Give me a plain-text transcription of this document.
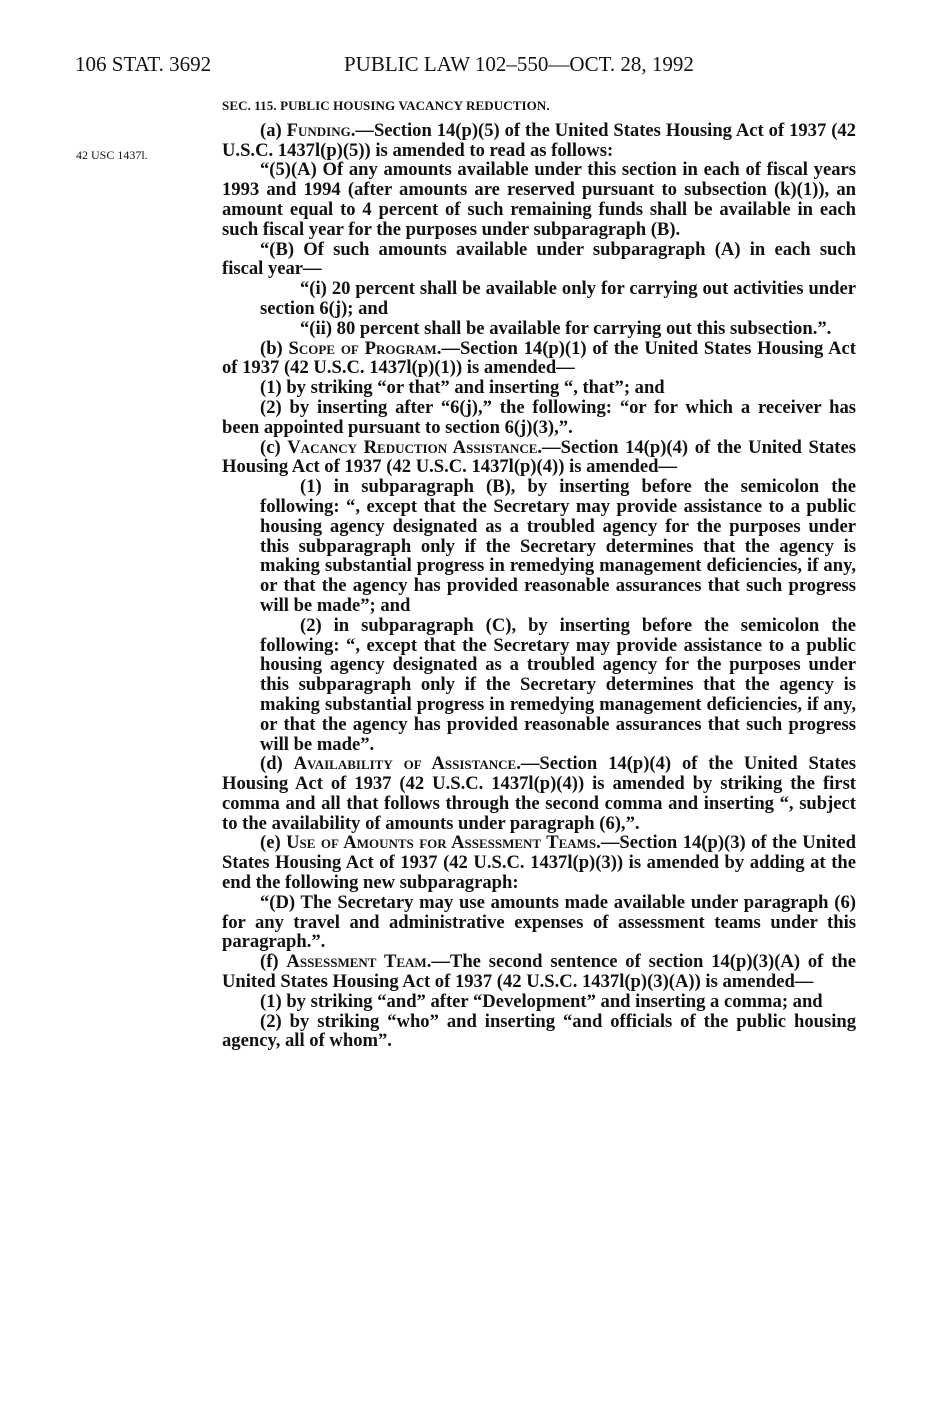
106 STAT. 3692	PUBLIC LAW 102–550—OCT. 28, 1992
42 USC 1437l.

SEC. 115. PUBLIC HOUSING VACANCY REDUCTION.

(a) Funding.—Section 14(p)(5) of the United States Housing Act of 1937 (42 U.S.C. 1437l(p)(5)) is amended to read as follows:

“(5)(A) Of any amounts available under this section in each of fiscal years 1993 and 1994 (after amounts are reserved pursuant to subsection (k)(1)), an amount equal to 4 percent of such remaining funds shall be available in each such fiscal year for the purposes under subparagraph (B).

“(B) Of such amounts available under subparagraph (A) in each such fiscal year—

“(i) 20 percent shall be available only for carrying out activities under section 6(j); and

“(ii) 80 percent shall be available for carrying out this subsection.”.

(b) Scope of Program.—Section 14(p)(1) of the United States Housing Act of 1937 (42 U.S.C. 1437l(p)(1)) is amended—

(1) by striking “or that” and inserting “, that”; and

(2) by inserting after “6(j),” the following: “or for which a receiver has been appointed pursuant to section 6(j)(3),”.

(c) Vacancy Reduction Assistance.—Section 14(p)(4) of the United States Housing Act of 1937 (42 U.S.C. 1437l(p)(4)) is amended—

(1) in subparagraph (B), by inserting before the semicolon the following: “, except that the Secretary may provide assistance to a public housing agency designated as a troubled agency for the purposes under this subparagraph only if the Secretary determines that the agency is making substantial progress in remedying management deficiencies, if any, or that the agency has provided reasonable assurances that such progress will be made”; and

(2) in subparagraph (C), by inserting before the semicolon the following: “, except that the Secretary may provide assistance to a public housing agency designated as a troubled agency for the purposes under this subparagraph only if the Secretary determines that the agency is making substantial progress in remedying management deficiencies, if any, or that the agency has provided reasonable assurances that such progress will be made”.

(d) Availability of Assistance.—Section 14(p)(4) of the United States Housing Act of 1937 (42 U.S.C. 1437l(p)(4)) is amended by striking the first comma and all that follows through the second comma and inserting “, subject to the availability of amounts under paragraph (6),”.

(e) Use of Amounts for Assessment Teams.—Section 14(p)(3) of the United States Housing Act of 1937 (42 U.S.C. 1437l(p)(3)) is amended by adding at the end the following new subparagraph:

“(D) The Secretary may use amounts made available under paragraph (6) for any travel and administrative expenses of assessment teams under this paragraph.”.

(f) Assessment Team.—The second sentence of section 14(p)(3)(A) of the United States Housing Act of 1937 (42 U.S.C. 1437l(p)(3)(A)) is amended—

(1) by striking “and” after “Development” and inserting a comma; and

(2) by striking “who” and inserting “and officials of the public housing agency, all of whom”.
